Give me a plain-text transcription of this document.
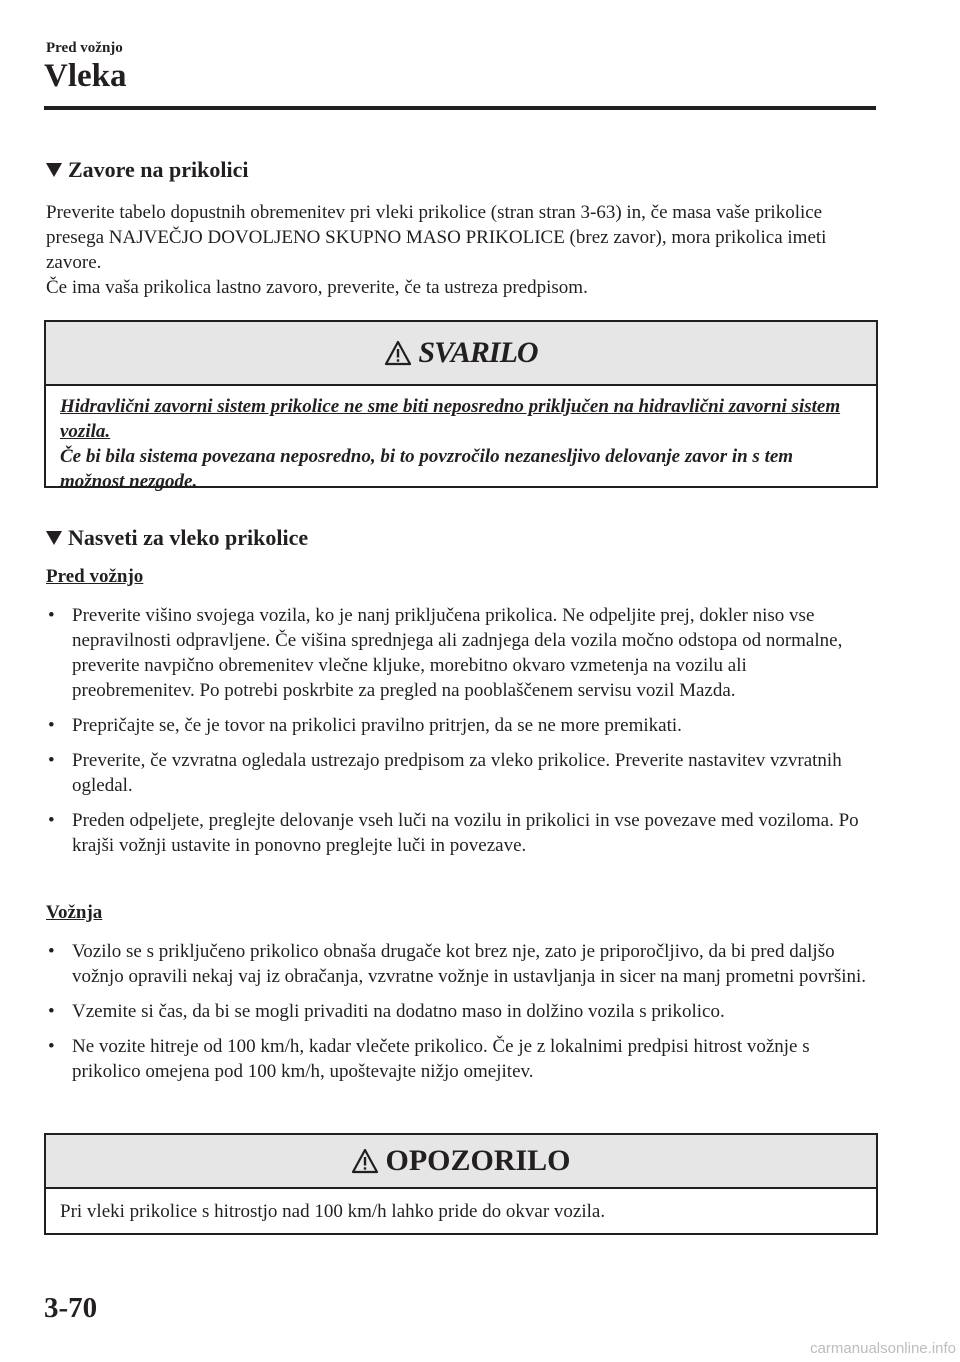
Pred vožnjo
Vleka
Zavore na prikolici

Preverite tabelo dopustnih obremenitev pri vleki prikolice (stran stran 3-63) in, če masa vaše prikolice presega NAJVEČJO DOVOLJENO SKUPNO MASO PRIKOLICE (brez zavor), mora prikolica imeti zavore.

Če ima vaša prikolica lastno zavoro, preverite, če ta ustreza predpisom.

SVARILO

Hidravlični zavorni sistem prikolice ne sme biti neposredno priključen na hidravlični zavorni sistem vozila.

Če bi bila sistema povezana neposredno, bi to povzročilo nezanesljivo delovanje zavor in s tem možnost nezgode.

Nasveti za vleko prikolice
Pred vožnjo
• Preverite višino svojega vozila, ko je nanj priključena prikolica. Ne odpeljite prej, dokler niso vse nepravilnosti odpravljene. Če višina sprednjega ali zadnjega dela vozila močno odstopa od normalne, preverite navpično obremenitev vlečne kljuke, morebitno okvaro vzmetenja na vozilu ali preobremenitev. Po potrebi poskrbite za pregled na pooblaščenem servisu vozil Mazda.
• Prepričajte se, če je tovor na prikolici pravilno pritrjen, da se ne more premikati.
• Preverite, če vzvratna ogledala ustrezajo predpisom za vleko prikolice. Preverite nastavitev vzvratnih ogledal.
• Preden odpeljete, preglejte delovanje vseh luči na vozilu in prikolici in vse povezave med voziloma. Po krajši vožnji ustavite in ponovno preglejte luči in povezave.
Vožnja
• Vozilo se s priključeno prikolico obnaša drugače kot brez nje, zato je priporočljivo, da bi pred daljšo vožnjo opravili nekaj vaj iz obračanja, vzvratne vožnje in ustavljanja in sicer na manj prometni površini.
• Vzemite si čas, da bi se mogli privaditi na dodatno maso in dolžino vozila s prikolico.
• Ne vozite hitreje od 100 km/h, kadar vlečete prikolico. Če je z lokalnimi predpisi hitrost vožnje s prikolico omejena pod 100 km/h, upoštevajte nižjo omejitev.
OPOZORILO

Pri vleki prikolice s hitrostjo nad 100 km/h lahko pride do okvar vozila.

3-70
carmanualsonline.info
